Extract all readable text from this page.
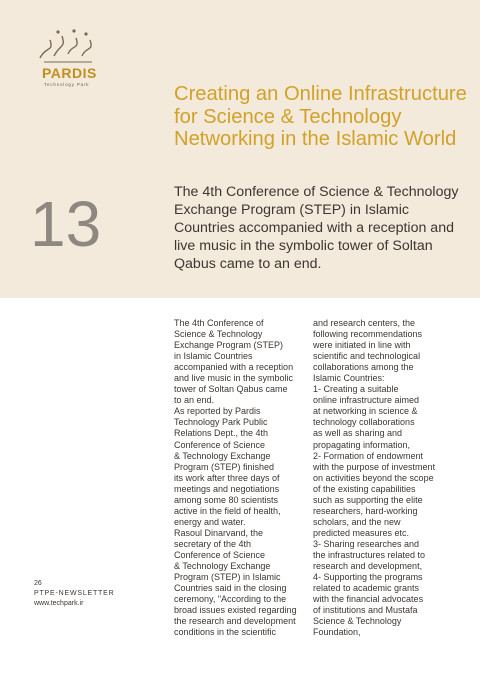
PARDIS
Technology Park	Creating an Online Infrastructure for Science & Technology Networking in the Islamic World
13	The 4th Conference of Science & Technology Exchange Program (STEP) in Islamic Countries accompanied with a reception and live music in the symbolic tower of Soltan Qabus came to an end.

The 4th Conference of
Science & Technology
Exchange Program (STEP)
in Islamic Countries
accompanied with a reception
and live music in the symbolic
tower of Soltan Qabus came
to an end.
As reported by Pardis
Technology Park Public
Relations Dept., the 4th
Conference of Science
& Technology Exchange
Program (STEP) finished
its work after three days of
meetings and negotiations
among some 80 scientists
active in the field of health,
energy and water.
Rasoul Dinarvand, the
secretary of the 4th
Conference of Science
& Technology Exchange
Program (STEP) in Islamic
Countries said in the closing
ceremony, "According to the
broad issues existed regarding
the research and development
conditions in the scientific
and research centers, the
following recommendations
were initiated in line with
scientific and technological
collaborations among the
Islamic Countries:
1- Creating a suitable
online infrastructure aimed
at networking in science &
technology collaborations
as well as sharing and
propagating information,
2- Formation of endowment
with the purpose of investment
on activities beyond the scope
of the existing capabilities
such as supporting the elite
researchers, hard-working
scholars, and the new
predicted measures etc.
3- Sharing researches and
the infrastructures related to
research and development,
4- Supporting the programs
related to academic grants
with the financial advocates
of institutions and Mustafa
Science & Technology
Foundation,
26
PTPE-NEWSLETTER
www.techpark.ir
